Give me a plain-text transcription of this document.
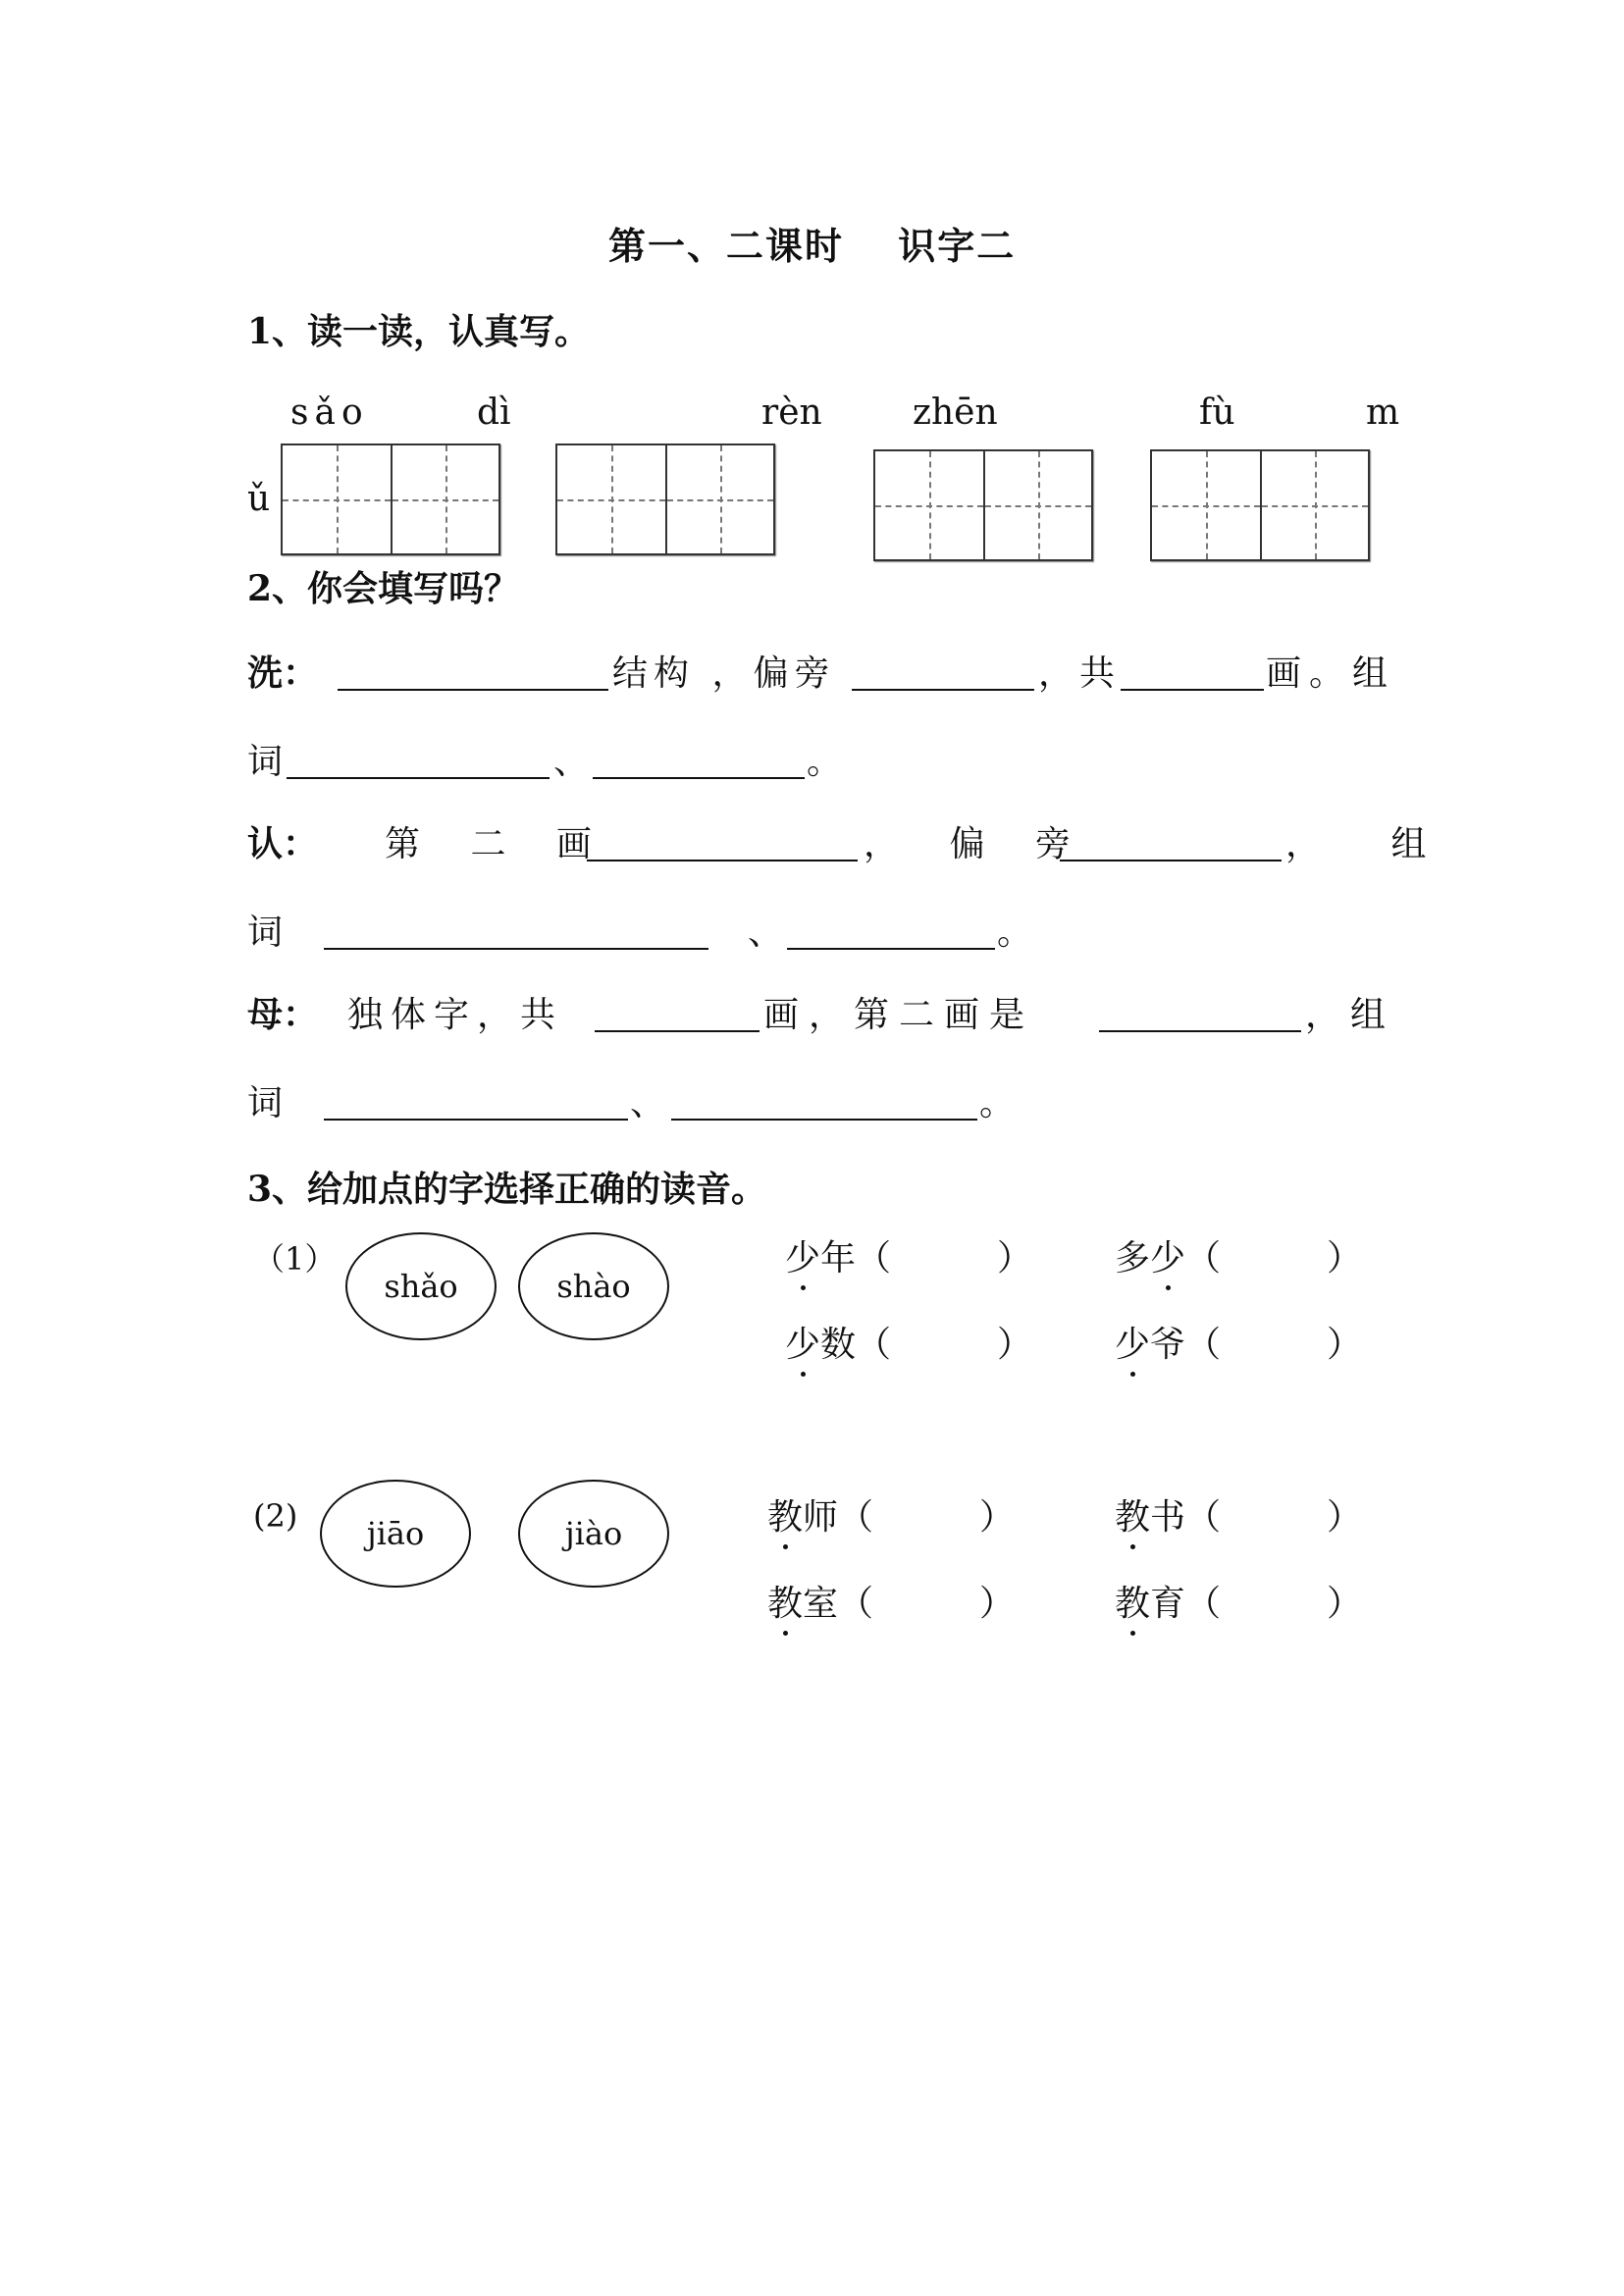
第一、二课时　 识字二
1、读一读，认真写。
sǎo	dì	rèn	zhēn	fù	m
ǔ
2、你会填写吗？
洗：	结构 ，偏旁	，共	画。组
词	、	。
认： 第 二 画	， 偏 旁	， 组
词	、	。
母： 独体字，共	画，第二画是	，组
词	、	。
3、给加点的字选择正确的读音。
（1）
shǎo	shào
少年（　　　） 多少（　　　）
少数（　　　） 少爷（　　　）
(2)	jiāo	jiào	教师（　　　）	教书（　　　）
教室（　　　）	教育（　　　）
